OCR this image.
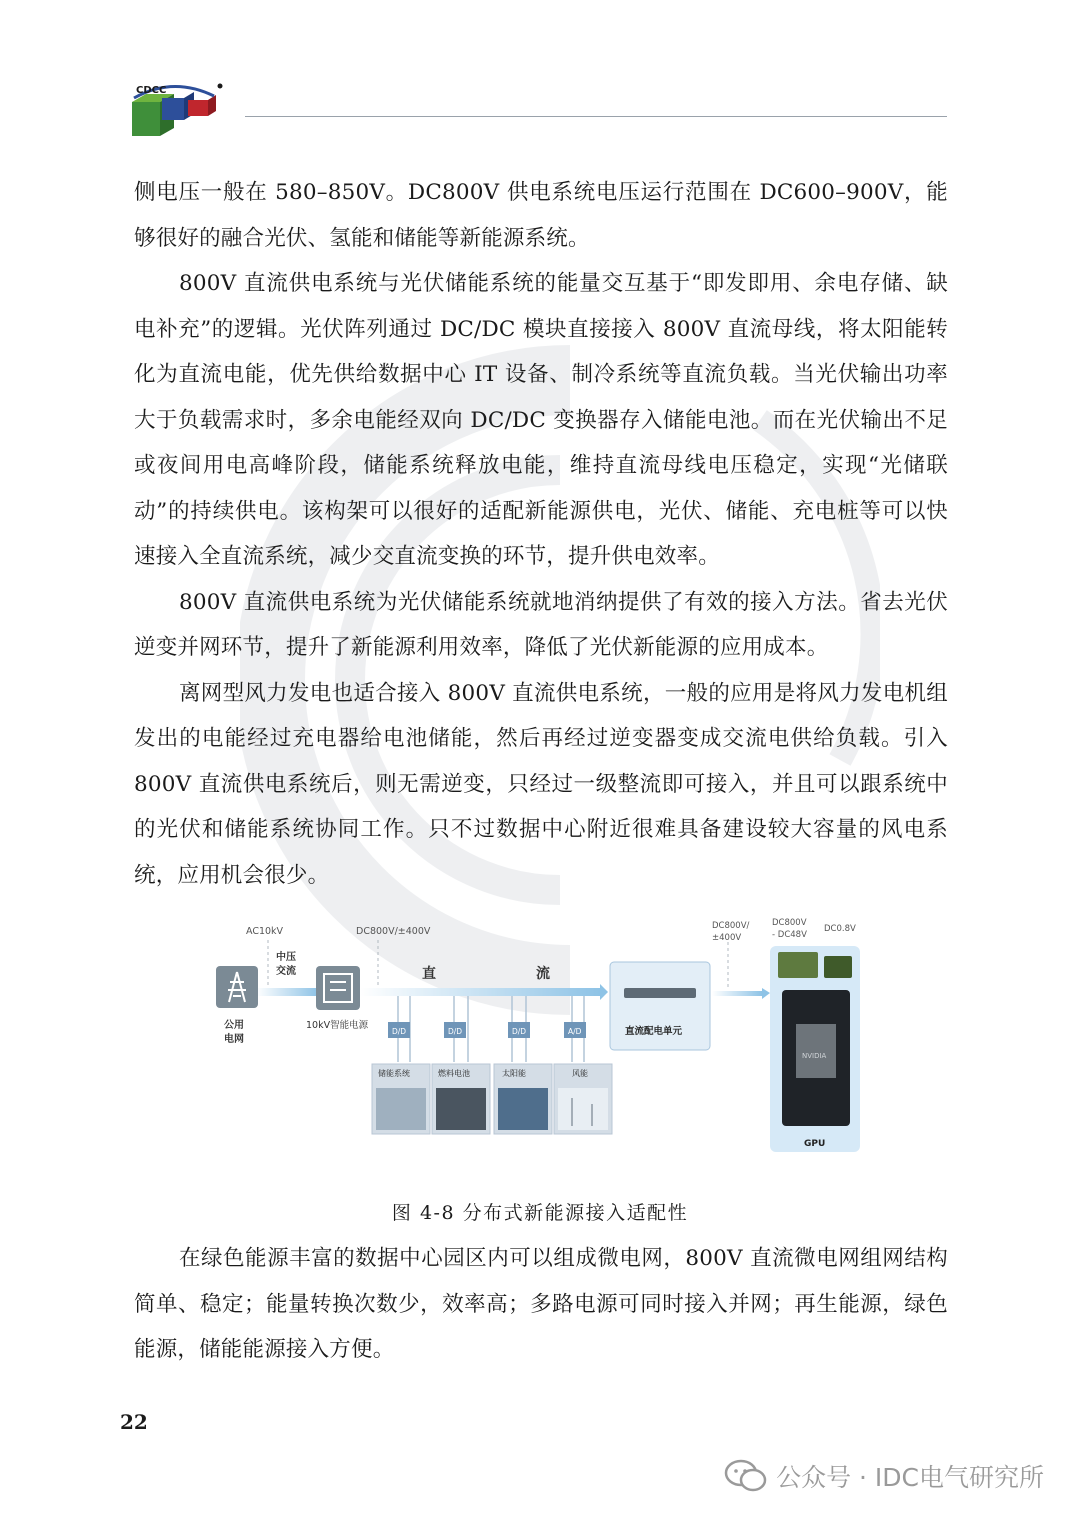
CDCC

侧电压一般在 580–850V。DC800V 供电系统电压运行范围在 DC600–900V，能够很好的融合光伏、氢能和储能等新能源系统。

800V 直流供电系统与光伏储能系统的能量交互基于“即发即用、余电存储、缺电补充”的逻辑。光伏阵列通过 DC/DC 模块直接接入 800V 直流母线，将太阳能转化为直流电能，优先供给数据中心 IT 设备、制冷系统等直流负载。当光伏输出功率大于负载需求时，多余电能经双向 DC/DC 变换器存入储能电池。而在光伏输出不足或夜间用电高峰阶段，储能系统释放电能，维持直流母线电压稳定，实现“光储联动”的持续供电。该构架可以很好的适配新能源供电，光伏、储能、充电桩等可以快速接入全直流系统，减少交直流变换的环节，提升供电效率。

800V 直流供电系统为光伏储能系统就地消纳提供了有效的接入方法。省去光伏逆变并网环节，提升了新能源利用效率，降低了光伏新能源的应用成本。

离网型风力发电也适合接入 800V 直流供电系统，一般的应用是将风力发电机组发出的电能经过充电器给电池储能，然后再经过逆变器变成交流电供给负载。引入 800V 直流供电系统后，则无需逆变，只经过一级整流即可接入，并且可以跟系统中的光伏和储能系统协同工作。只不过数据中心附近很难具备建设较大容量的风电系统，应用机会很少。

AC10kV	DC800V/±400V
中压
交流	直	流
公用
电网
10kV智能电源
D/D
储能系统
D/D
燃料电池
D/D
太阳能
A/D
风能
直流配电单元
DC800V/
±400V
DC800V
- DC48V
DC0.8V
NVIDIA
GPU
图 4-8 分布式新能源接入适配性

在绿色能源丰富的数据中心园区内可以组成微电网，800V 直流微电网组网结构简单、稳定；能量转换次数少，效率高；多路电源可同时接入并网；再生能源，绿色能源，储能能源接入方便。

22
公众号 · IDC电气研究所
